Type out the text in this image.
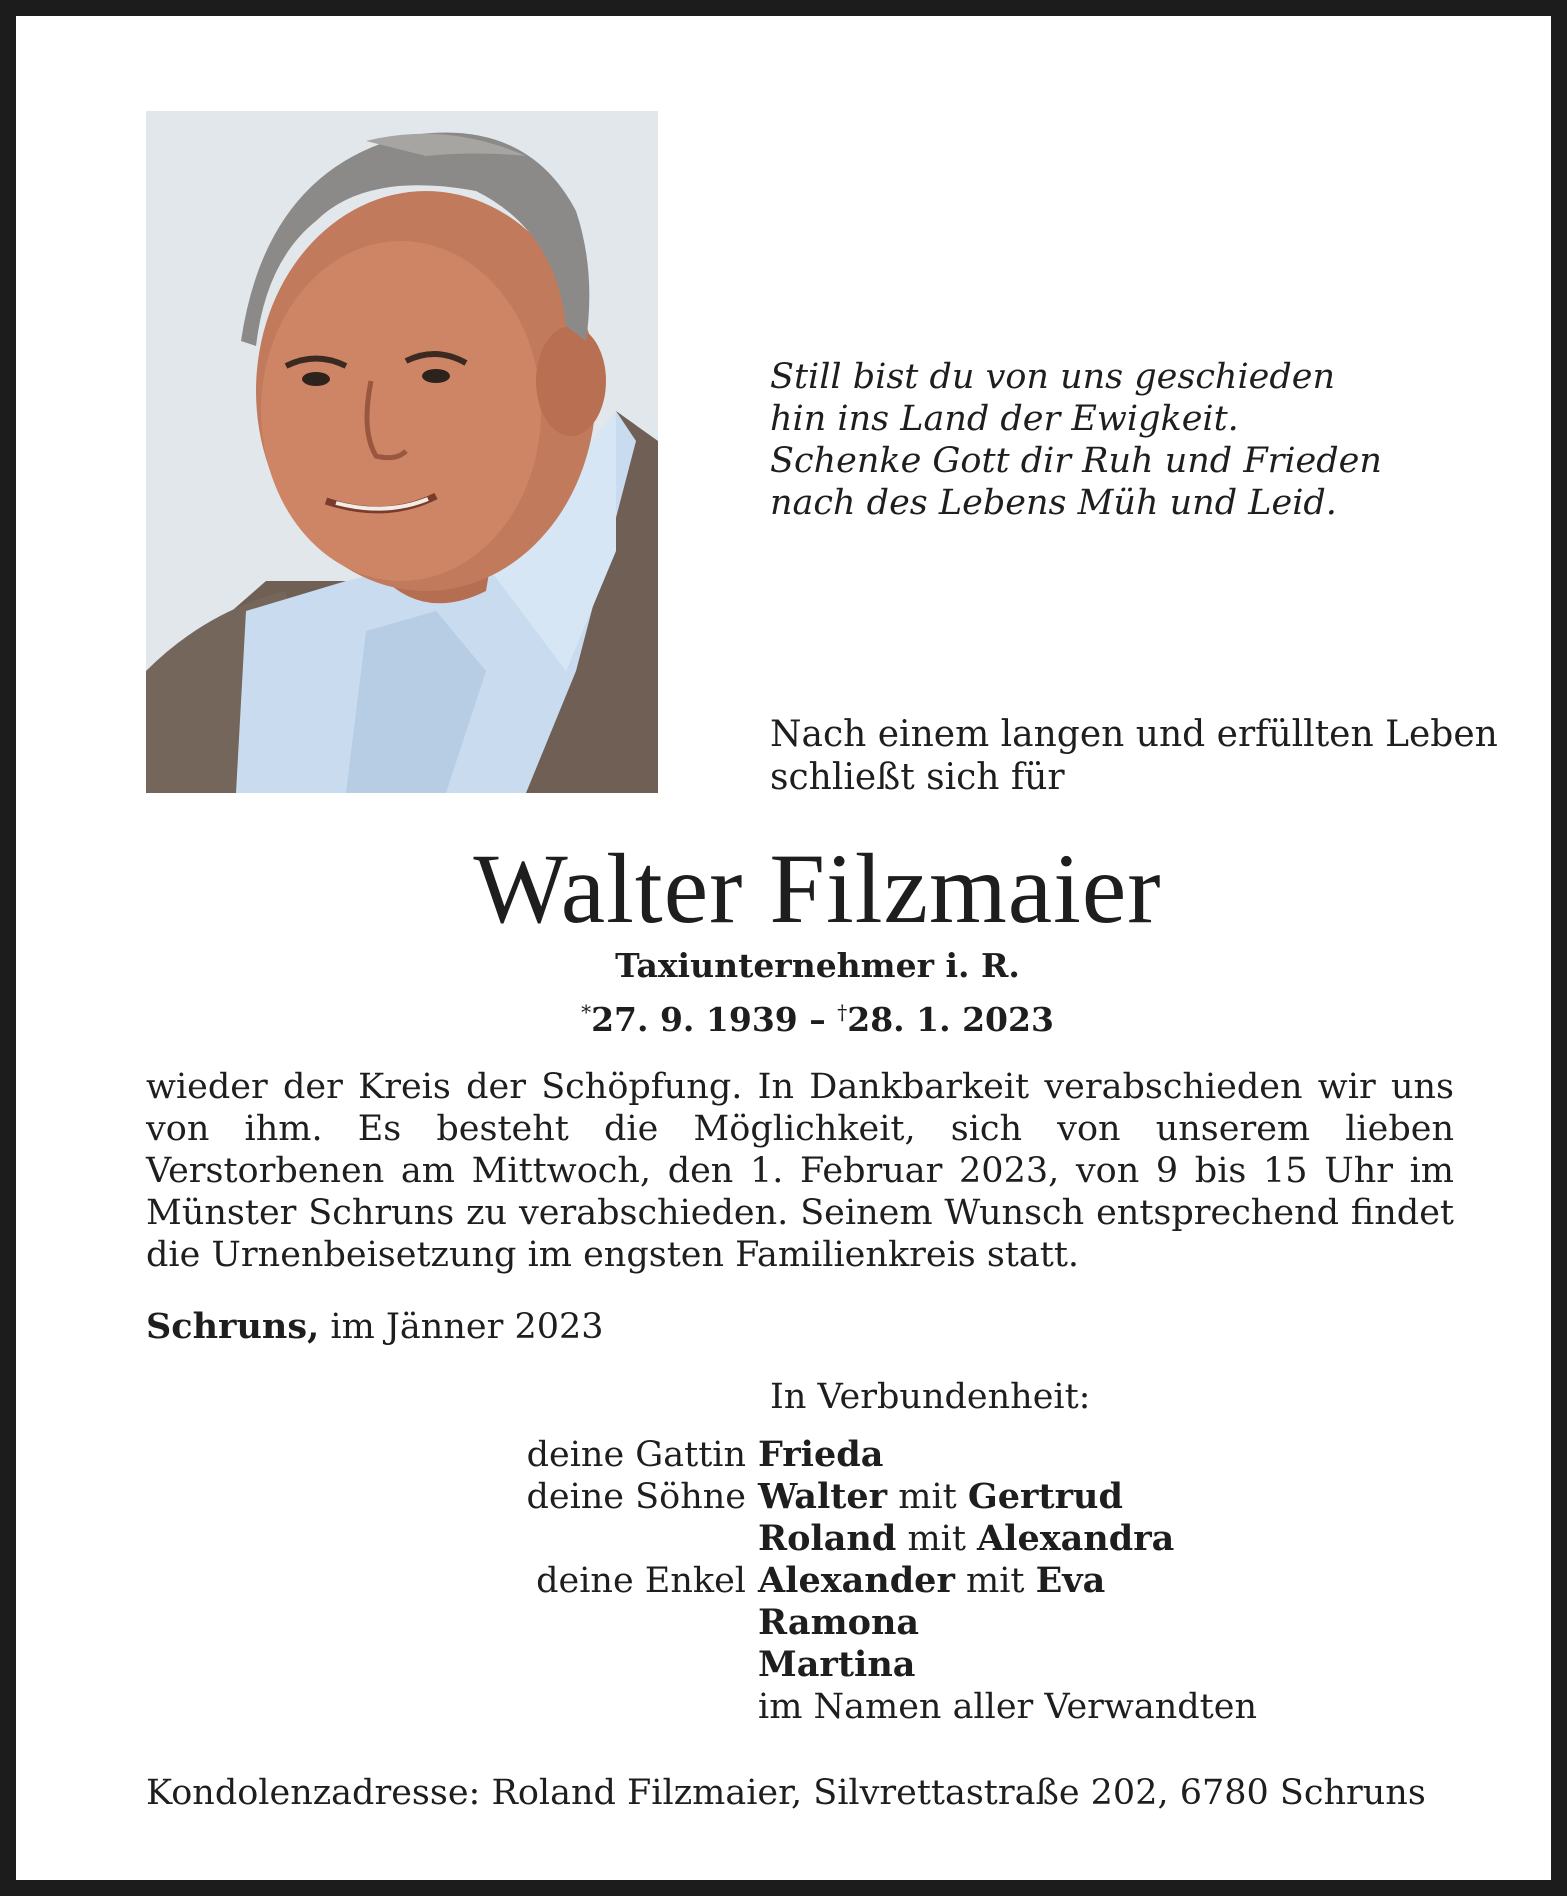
Still bist du von uns geschieden
hin ins Land der Ewigkeit.
Schenke Gott dir Ruh und Frieden
nach des Lebens Müh und Leid.
Nach einem langen und erfüllten Leben
schließt sich für
Walter Filzmaier
Taxiunternehmer i. R.
*27. 9. 1939 – †28. 1. 2023
wieder der Kreis der Schöpfung. In Dankbarkeit verabschieden wir uns von ihm. Es besteht die Möglichkeit, sich von unserem lieben Verstorbenen am Mittwoch, den 1. Februar 2023, von 9 bis 15 Uhr im Münster Schruns zu verabschieden. Seinem Wunsch entsprechend findet die Urnenbeisetzung im engsten Familienkreis statt.
Schruns, im Jänner 2023
In Verbundenheit:
deine Gattin Frieda
deine Söhne Walter mit Gertrud
Roland mit Alexandra
deine Enkel Alexander mit Eva
Ramona
Martina
im Namen aller Verwandten
Kondolenzadresse: Roland Filzmaier, Silvrettastraße 202, 6780 Schruns
